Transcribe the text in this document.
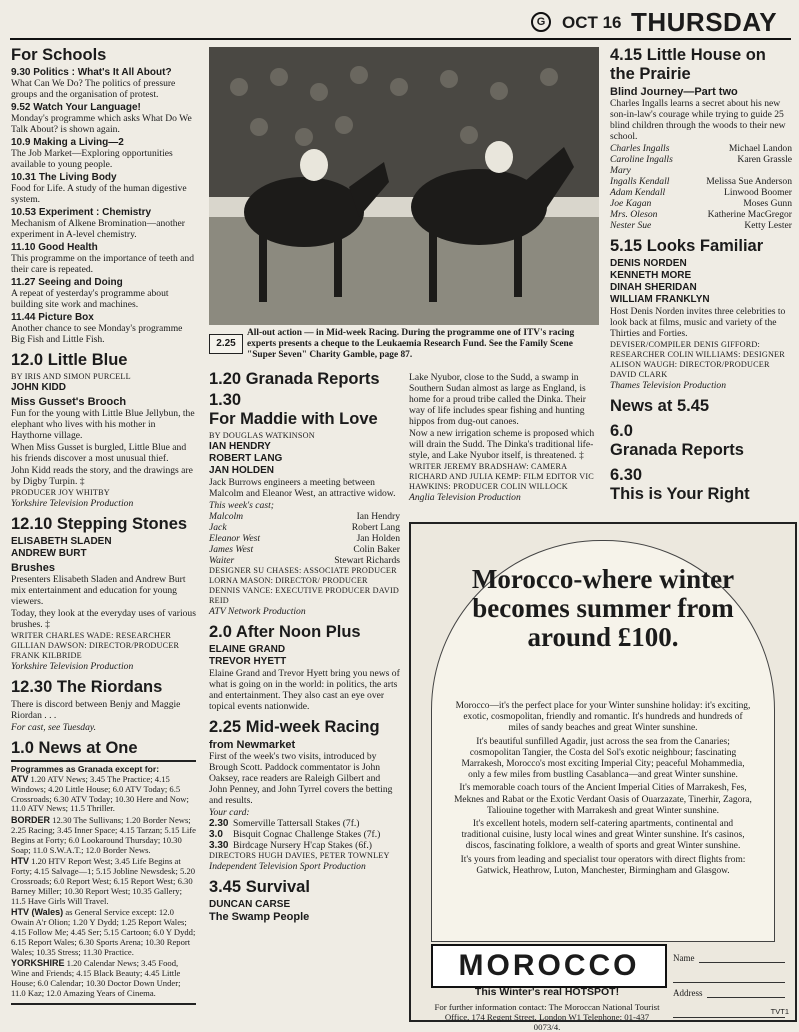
G OCT 16 THURSDAY
For Schools
9.30 Politics : What's It All About?
What Can We Do? The politics of pressure groups and the organisation of protest.
9.52 Watch Your Language!
Monday's programme which asks What Do We Talk About? is shown again.
10.9 Making a Living—2
The Job Market—Exploring opportunities available to young people.
10.31 The Living Body
Food for Life. A study of the human digestive system.
10.53 Experiment : Chemistry
Mechanism of Alkene Bromination—another experiment in A-level chemistry.
11.10 Good Health
This programme on the importance of teeth and their care is repeated.
11.27 Seeing and Doing
A repeat of yesterday's programme about building site work and machines.
11.44 Picture Box
Another chance to see Monday's programme Big Fish and Little Fish.
12.0 Little Blue
BY IRIS AND SIMON PURCELL
JOHN KIDD
Miss Gusset's Brooch

Fun for the young with Little Blue Jellybun, the elephant who lives with his mother in Haythorne village.

When Miss Gusset is burgled, Little Blue and his friends discover a most unusual thief.

John Kidd reads the story, and the drawings are by Digby Turpin. ‡

PRODUCER JOY WHITBY
Yorkshire Television Production
12.10 Stepping Stones
ELISABETH SLADEN
ANDREW BURT
Brushes

Presenters Elisabeth Sladen and Andrew Burt mix entertainment and education for young viewers.

Today, they look at the everyday uses of various brushes. ‡

WRITER CHARLES WADE: RESEARCHER GILLIAN DAWSON: DIRECTOR/PRODUCER FRANK KILBRIDE
Yorkshire Television Production
12.30 The Riordans

There is discord between Benjy and Maggie Riordan . . .

For cast, see Tuesday.

1.0 News at One
Programmes as Granada except for:
ATV 1.20 ATV News; 3.45 The Practice; 4.15 Windows; 4.20 Little House; 6.0 ATV Today; 6.5 Crossroads; 6.30 ATV Today; 10.30 Here and Now; 11.0 ATV News; 11.5 Thriller.
BORDER 12.30 The Sullivans; 1.20 Border News; 2.25 Racing; 3.45 Inner Space; 4.15 Tarzan; 5.15 Life Begins at Forty; 6.0 Lookaround Thursday; 10.30 Soap; 11.0 S.W.A.T.; 12.0 Border News.
HTV 1.20 HTV Report West; 3.45 Life Begins at Forty; 4.15 Salvage—1; 5.15 Jobline Newsdesk; 5.20 Crossroads; 6.0 Report West; 6.15 Report West; 6.30 Barney Miller; 10.30 Report West; 10.35 Gallery; 11.5 Have Girls Will Travel.
HTV (Wales) as General Service except: 12.0 Owain A'r Olion; 1.20 Y Dydd; 1.25 Report Wales; 4.15 Follow Me; 4.45 Ser; 5.15 Cartoon; 6.0 Y Dydd; 6.15 Report Wales; 6.30 Sports Arena; 10.30 Report Wales; 10.35 Stress; 11.30 Practice.
YORKSHIRE 1.20 Calendar News; 3.45 Food, Wine and Friends; 4.15 Black Beauty; 4.45 Little House; 6.0 Calendar; 10.30 Doctor Down Under; 11.0 Kaz; 12.0 Amazing Years of Cinema.
2.25
All-out action — in Mid-week Racing. During the programme one of ITV's racing experts presents a cheque to the Leukaemia Research Fund. See the Family Scene "Super Seven" Charity Gamble, page 87.
1.20 Granada Reports
1.30
For Maddie with Love
BY DOUGLAS WATKINSON
IAN HENDRY
ROBERT LANG
JAN HOLDEN

Jack Burrows engineers a meeting between Malcolm and Eleanor West, an attractive widow.

This week's cast;
Malcolm	Ian Hendry
Jack	Robert Lang
Eleanor West	Jan Holden
James West	Colin Baker
Waiter	Stewart Richards
DESIGNER SU CHASES: ASSOCIATE PRODUCER LORNA MASON: DIRECTOR/ PRODUCER DENNIS VANCE: EXECUTIVE PRODUCER DAVID REID
ATV Network Production
2.0 After Noon Plus
ELAINE GRAND
TREVOR HYETT

Elaine Grand and Trevor Hyett bring you news of what is going on in the world: in politics, the arts and entertainment. They also cast an eye over topical events nationwide.

2.25 Mid-week Racing
from Newmarket

First of the week's two visits, introduced by Brough Scott. Paddock commentator is John Oaksey, race readers are Raleigh Gilbert and John Penney, and John Tyrrel covers the betting and results.

Your card:
2.30 Somerville Tattersall Stakes (7f.)
3.0	Bisquit Cognac Challenge Stakes (7f.)
3.30 Birdcage Nursery H'cap Stakes (6f.)
DIRECTORS HUGH DAVIES, PETER TOWNLEY
Independent Television Sport Production
3.45 Survival
DUNCAN CARSE
The Swamp People

Lake Nyubor, close to the Sudd, a swamp in Southern Sudan almost as large as England, is home for a proud tribe called the Dinka. Their way of life includes spear fishing and hunting hippos from dug-out canoes.

Now a new irrigation scheme is proposed which will drain the Sudd. The Dinka's traditional life-style, and Lake Nyubor itself, is threatened. ‡

WRITER JEREMY BRADSHAW: CAMERA RICHARD AND JULIA KEMP: FILM EDITOR VIC HAWKINS: PRODUCER COLIN WILLOCK
Anglia Television Production
4.15 Little House on the Prairie
Blind Journey—Part two

Charles Ingalls learns a secret about his new son-in-law's courage while trying to guide 25 blind children through the woods to their new school.

Charles Ingalls	Michael Landon
Caroline Ingalls	Karen Grassle
Mary
Ingalls Kendall	Melissa Sue Anderson
Adam Kendall	Linwood Boomer
Joe Kagan	Moses Gunn
Mrs. Oleson	Katherine MacGregor
Nester Sue	Ketty Lester
5.15 Looks Familiar
DENIS NORDEN
KENNETH MORE
DINAH SHERIDAN
WILLIAM FRANKLYN

Host Denis Norden invites three celebrities to look back at films, music and variety of the Thirties and Forties.

DEVISER/COMPILER DENIS GIFFORD: RESEARCHER COLIN WILLIAMS: DESIGNER ALISON WAUGH: DIRECTOR/PRODUCER DAVID CLARK
Thames Television Production
News at 5.45
6.0
Granada Reports
6.30
This is Your Right
Morocco-where winter becomes summer from around £100.

Morocco—it's the perfect place for your Winter sunshine holiday: it's exciting, exotic, cosmopolitan, friendly and romantic. It's hundreds and hundreds of miles of sandy beaches and great Winter sunshine.

It's beautiful sunfilled Agadir, just across the sea from the Canaries; cosmopolitan Tangier, the Costa del Sol's exotic neighbour; fascinating Marrakesh, Morocco's most exciting Imperial City; peaceful Mohammedia, only a few miles from bustling Casablanca—and great Winter sunshine.

It's memorable coach tours of the Ancient Imperial Cities of Marrakesh, Fes, Meknes and Rabat or the Exotic Verdant Oasis of Ouarzazate, Tinerhir, Zagora, Taliouine together with Marrakesh and great Winter sunshine.

It's excellent hotels, modern self-catering apartments, continental and traditional cuisine, lusty local wines and great Winter sunshine. It's casinos, discos, fascinating folklore, a wealth of sports and great Winter sunshine.

It's yours from leading and specialist tour operators with direct flights from: Gatwick, Heathrow, Luton, Manchester, Birmingham and Glasgow.

MOROCCO
This Winter's real HOTSPOT!
For further information contact: The Moroccan National Tourist Office, 174 Regent Street, London W1 Telephone: 01-437 0073/4.
Name
Address
TVT1
